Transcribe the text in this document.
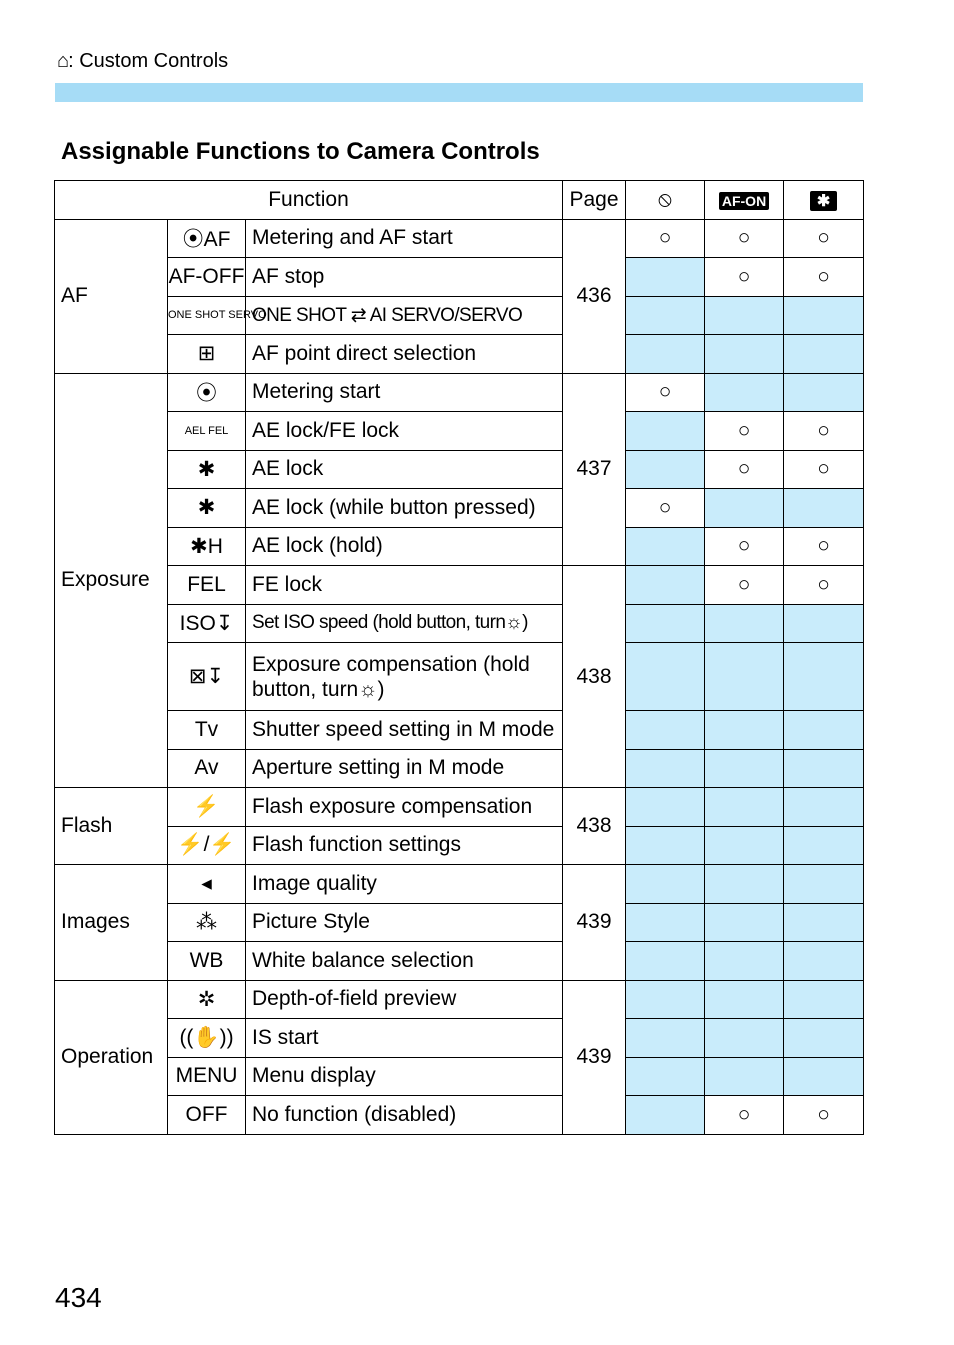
⌂: Custom Controls
Assignable Functions to Camera Controls
Function			Page	⦸	AF-ON	✱
AF	⦿AF	Metering and AF start	436	○	○	○
	AF-OFF	AF stop			○	○
	ONE SHOT SERVO	ONE SHOT ⇄ AI SERVO/SERVO				
	⊞	AF point direct selection				
Exposure	⦿	Metering start	437	○		
	AEL FEL	AE lock/FE lock			○	○
	✱	AE lock			○	○
	✱	AE lock (while button pressed)		○		
	✱H	AE lock (hold)			○	○
	FEL	FE lock	438		○	○
	ISO↧	Set ISO speed (hold button, turn☼)				
	⊠↧	Exposure compensation (hold button, turn☼)				
	Tv	Shutter speed setting in M mode				
	Av	Aperture setting in M mode				
Flash	⚡	Flash exposure compensation	438			
	⚡/⚡	Flash function settings				
Images	◂	Image quality	439			
	⁂	Picture Style				
	WB	White balance selection				
Operation	✲	Depth-of-field preview	439			
	((✋))	IS start				
	MENU	Menu display				
	OFF	No function (disabled)			○	○
434
